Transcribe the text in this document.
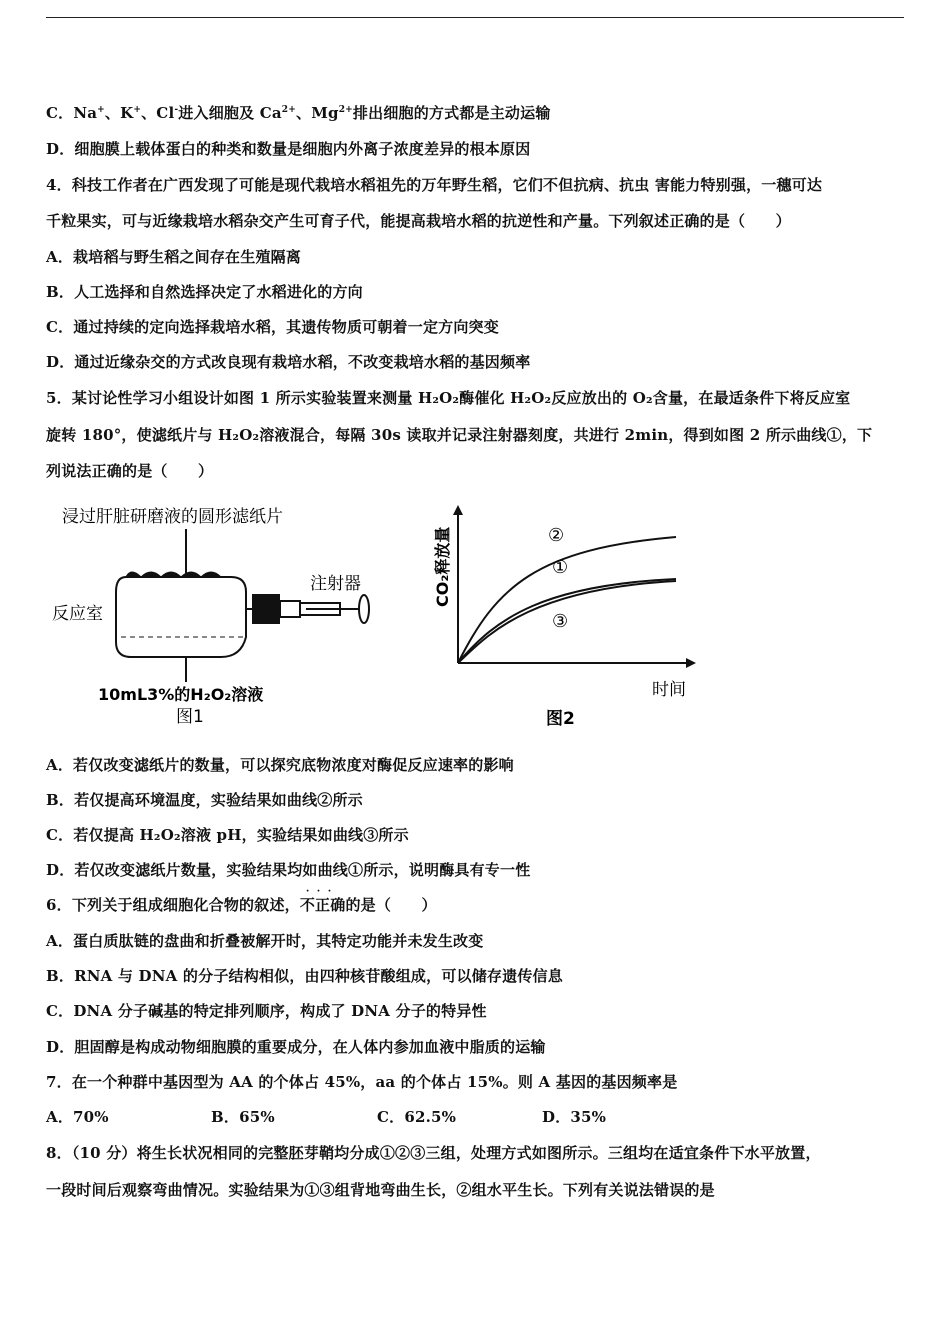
C．Na+、K+、Cl-进入细胞及 $Ca^{2+}$、$Mg^{2+}$排出细胞的方式都是主动运输
D．细胞膜上载体蛋白的种类和数量是细胞内外离子浓度差异的根本原因
4．科技工作者在广西发现了可能是现代栽培水稻祖先的万年野生稻，它们不但抗病、抗虫 害能力特别强，一穗可达
千粒果实，可与近缘栽培水稻杂交产生可育子代，能提高栽培水稻的抗逆性和产量。下列叙述正确的是（　　）
A．栽培稻与野生稻之间存在生殖隔离
B．人工选择和自然选择决定了水稻进化的方向
C．通过持续的定向选择栽培水稻，其遗传物质可朝着一定方向突变
D．通过近缘杂交的方式改良现有栽培水稻，不改变栽培水稻的基因频率
5．某讨论性学习小组设计如图 1 所示实验装置来测量 H₂O₂酶催化 H₂O₂反应放出的 O₂含量，在最适条件下将反应室
旋转 180°，使滤纸片与 H₂O₂溶液混合，每隔 30s 读取并记录注射器刻度，共进行 2min，得到如图 2 所示曲线①，下
列说法正确的是（　　）
浸过肝脏研磨液的圆形滤纸片
注射器
反应室
10mL3%的H₂O₂溶液
图1
CO₂释放量
时间
②
①
③
图2
A．若仅改变滤纸片的数量，可以探究底物浓度对酶促反应速率的影响
B．若仅提高环境温度，实验结果如曲线②所示
C．若仅提高 H₂O₂溶液 pH，实验结果如曲线③所示
D．若仅改变滤纸片数量，实验结果均如曲线①所示，说明酶具有专一性
6．下列关于组成细胞化合物的叙述，· · · 不正确的是（　　）
A．蛋白质肽链的盘曲和折叠被解开时，其特定功能并未发生改变
B．RNA 与 DNA 的分子结构相似，由四种核苷酸组成，可以储存遗传信息
C．DNA 分子碱基的特定排列顺序，构成了 DNA 分子的特异性
D．胆固醇是构成动物细胞膜的重要成分，在人体内参加血液中脂质的运输
7．在一个种群中基因型为 AA 的个体占 45%，aa 的个体占 15%。则 A 基因的基因频率是
A．70%	B．65%	C．62.5%	D．35%
8．（10 分）将生长状况相同的完整胚芽鞘均分成①②③三组，处理方式如图所示。三组均在适宜条件下水平放置，
一段时间后观察弯曲情况。实验结果为①③组背地弯曲生长，②组水平生长。下列有关说法错误的是
